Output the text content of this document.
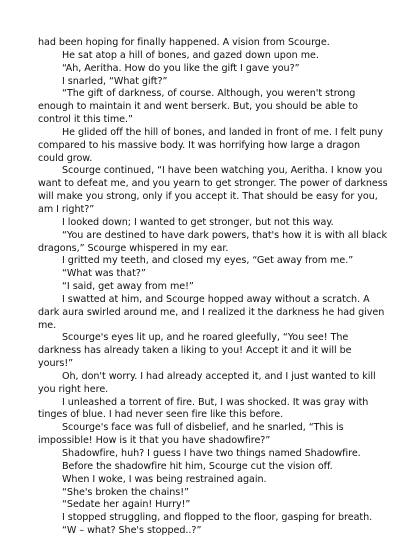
had been hoping for finally happened. A vision from Scourge.

He sat atop a hill of bones, and gazed down upon me.

“Ah, Aeritha. How do you like the gift I gave you?”

I snarled, “What gift?”

“The gift of darkness, of course. Although, you weren't strong enough to maintain it and went berserk. But, you should be able to control it this time.”

He glided off the hill of bones, and landed in front of me. I felt puny compared to his massive body. It was horrifying how large a dragon could grow.

Scourge continued, “I have been watching you, Aeritha. I know you want to defeat me, and you yearn to get stronger. The power of darkness will make you strong, only if you accept it. That should be easy for you, am I right?”

I looked down; I wanted to get stronger, but not this way.

“You are destined to have dark powers, that's how it is with all black dragons,” Scourge whispered in my ear.

I gritted my teeth, and closed my eyes, “Get away from me.”

“What was that?”

“I said, get away from me!”

I swatted at him, and Scourge hopped away without a scratch. A dark aura swirled around me, and I realized it the darkness he had given me.

Scourge's eyes lit up, and he roared gleefully, “You see! The darkness has already taken a liking to you! Accept it and it will be yours!”

Oh, don't worry. I had already accepted it, and I just wanted to kill you right here.

I unleashed a torrent of fire. But, I was shocked. It was gray with tinges of blue. I had never seen fire like this before.

Scourge's face was full of disbelief, and he snarled, “This is impossible! How is it that you have shadowfire?”

Shadowfire, huh? I guess I have two things named Shadowfire.

Before the shadowfire hit him, Scourge cut the vision off.

When I woke, I was being restrained again.

“She's broken the chains!”

“Sedate her again! Hurry!”

I stopped struggling, and flopped to the floor, gasping for breath.

“W – what? She's stopped..?”
